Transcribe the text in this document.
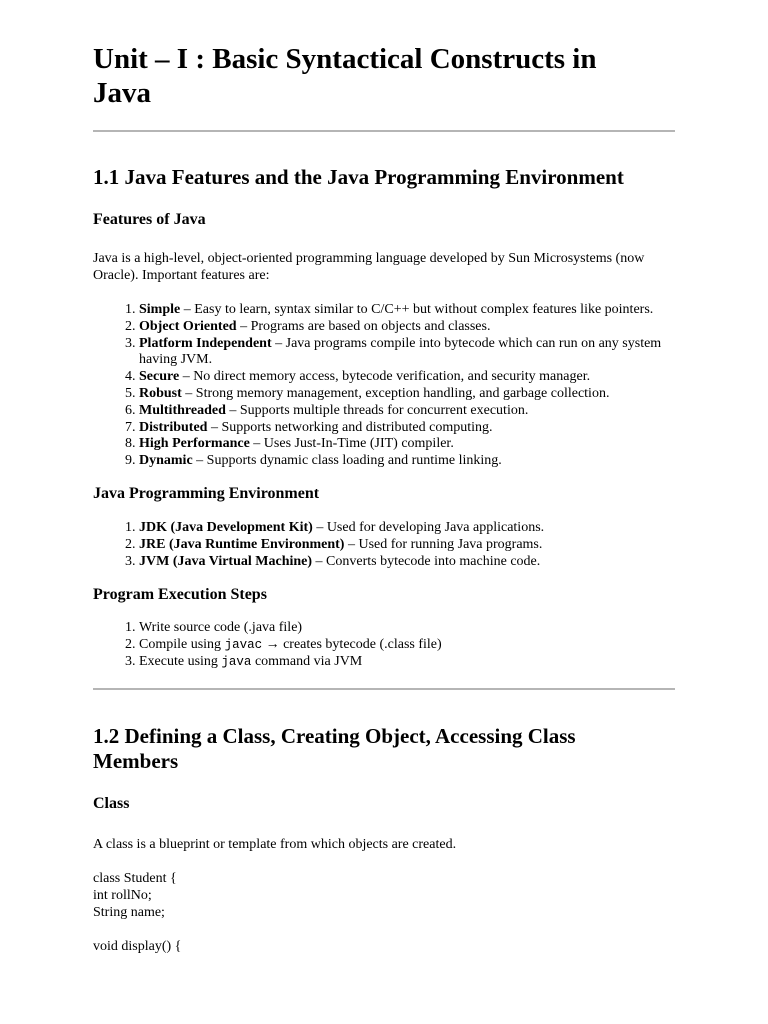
Unit – I : Basic Syntactical Constructs in Java
1.1 Java Features and the Java Programming Environment
Features of Java

Java is a high-level, object-oriented programming language developed by Sun Microsystems (now Oracle). Important features are:

1. Simple – Easy to learn, syntax similar to C/C++ but without complex features like pointers.
2. Object Oriented – Programs are based on objects and classes.
3. Platform Independent – Java programs compile into bytecode which can run on any system having JVM.
4. Secure – No direct memory access, bytecode verification, and security manager.
5. Robust – Strong memory management, exception handling, and garbage collection.
6. Multithreaded – Supports multiple threads for concurrent execution.
7. Distributed – Supports networking and distributed computing.
8. High Performance – Uses Just-In-Time (JIT) compiler.
9. Dynamic – Supports dynamic class loading and runtime linking.
Java Programming Environment
1. JDK (Java Development Kit) – Used for developing Java applications.
2. JRE (Java Runtime Environment) – Used for running Java programs.
3. JVM (Java Virtual Machine) – Converts bytecode into machine code.
Program Execution Steps
1. Write source code (.java file)
2. Compile using javac → creates bytecode (.class file)
3. Execute using java command via JVM
1.2 Defining a Class, Creating Object, Accessing Class Members
Class

A class is a blueprint or template from which objects are created.

class Student {

int rollNo;

String name;

void display() {
